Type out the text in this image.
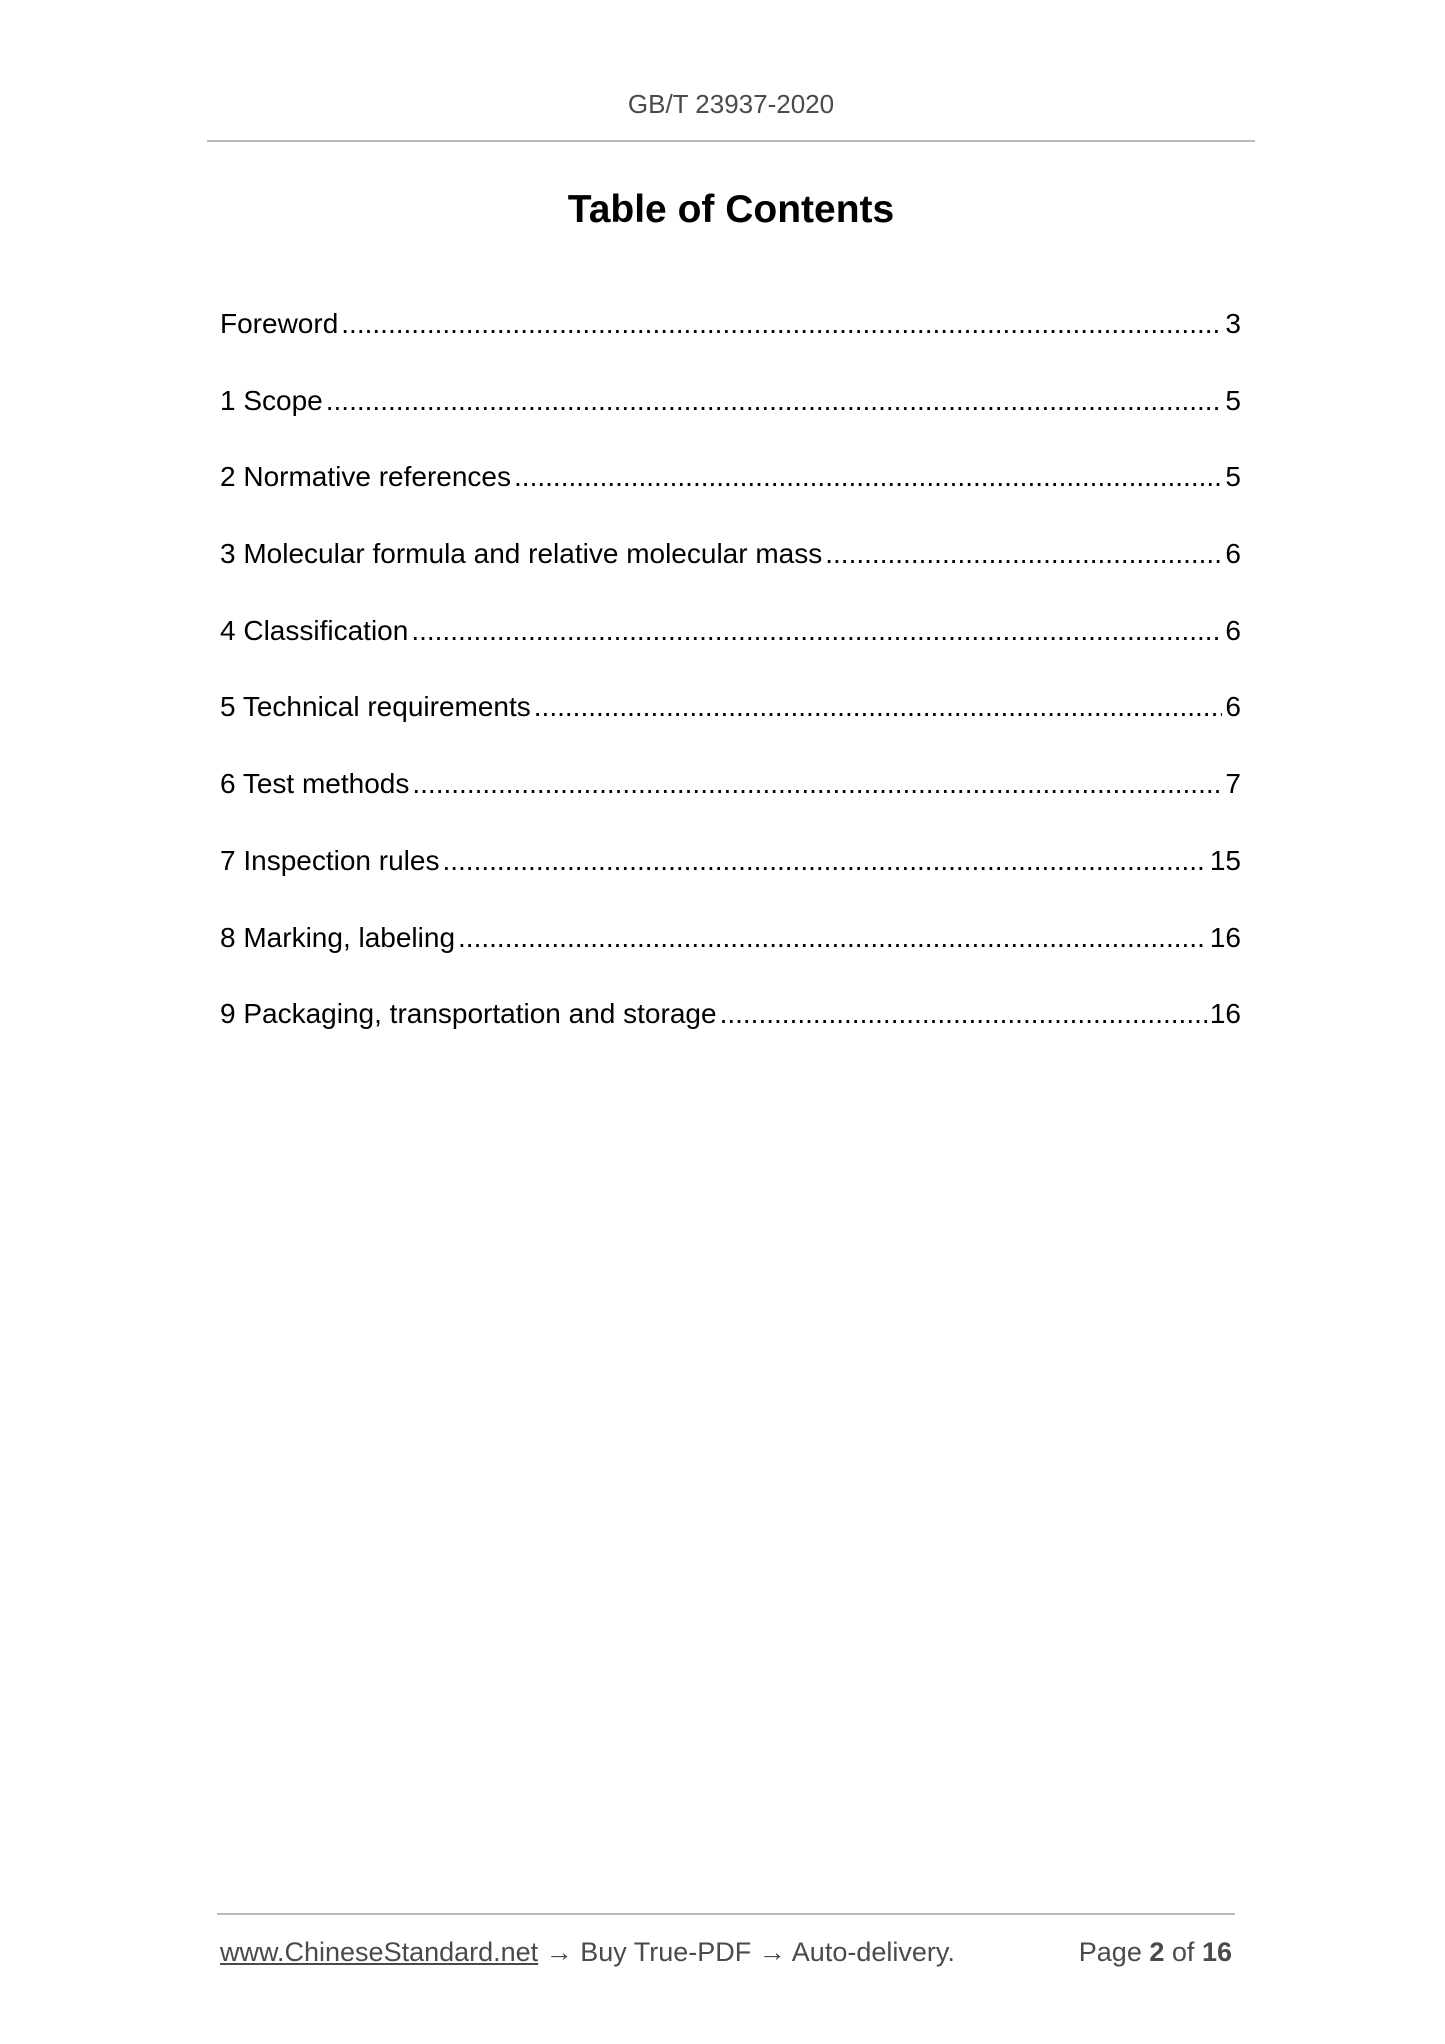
GB/T 23937-2020
Table of Contents
Foreword .....	3
1 Scope .....	5
2 Normative references .....	5
3 Molecular formula and relative molecular mass .....	6
4 Classification .....	6
5 Technical requirements .....	6
6 Test methods .....	7
7 Inspection rules .....	15
8 Marking, labeling .....	16
9 Packaging, transportation and storage .....	16
www.ChineseStandard.net → Buy True-PDF → Auto-delivery.	Page 2 of 16
